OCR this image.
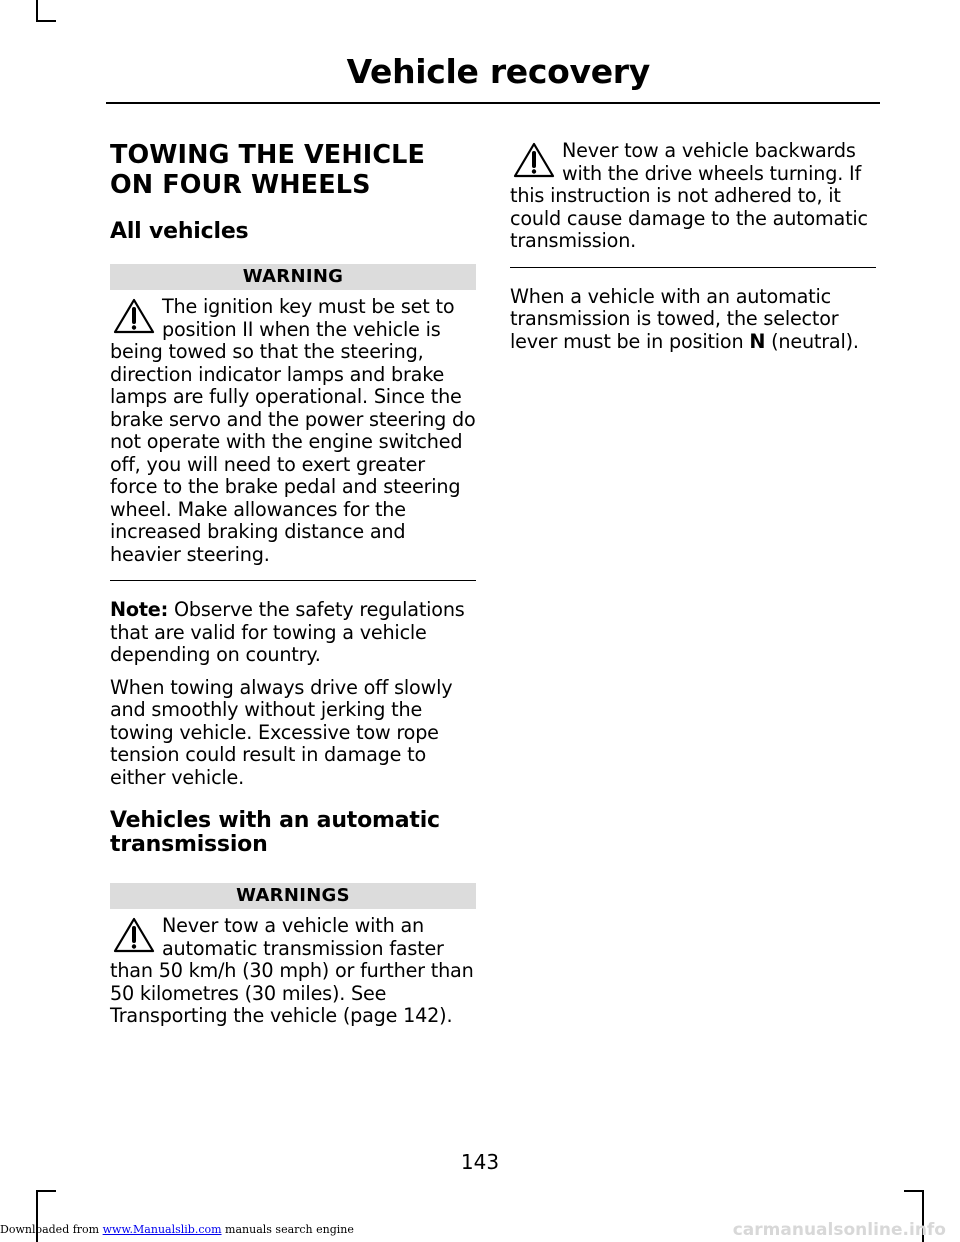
Vehicle recovery
TOWING THE VEHICLE
ON FOUR WHEELS
All vehicles
WARNING

The ignition key must be set to position II when the vehicle is being towed so that the steering, direction indicator lamps and brake lamps are fully operational. Since the brake servo and the power steering do not operate with the engine switched off, you will need to exert greater force to the brake pedal and steering wheel. Make allowances for the increased braking distance and heavier steering.

Note: Observe the safety regulations that are valid for towing a vehicle depending on country.

When towing always drive off slowly and smoothly without jerking the towing vehicle. Excessive tow rope tension could result in damage to either vehicle.

Vehicles with an automatic transmission
WARNINGS

Never tow a vehicle with an automatic transmission faster than 50 km/h (30 mph) or further than 50 kilometres (30 miles). See Transporting the vehicle (page 142).

Never tow a vehicle backwards with the drive wheels turning. If this instruction is not adhered to, it could cause damage to the automatic transmission.

When a vehicle with an automatic transmission is towed, the selector lever must be in position N (neutral).

143
Downloaded from www.Manualslib.com manuals search engine	carmanualsonline.info
